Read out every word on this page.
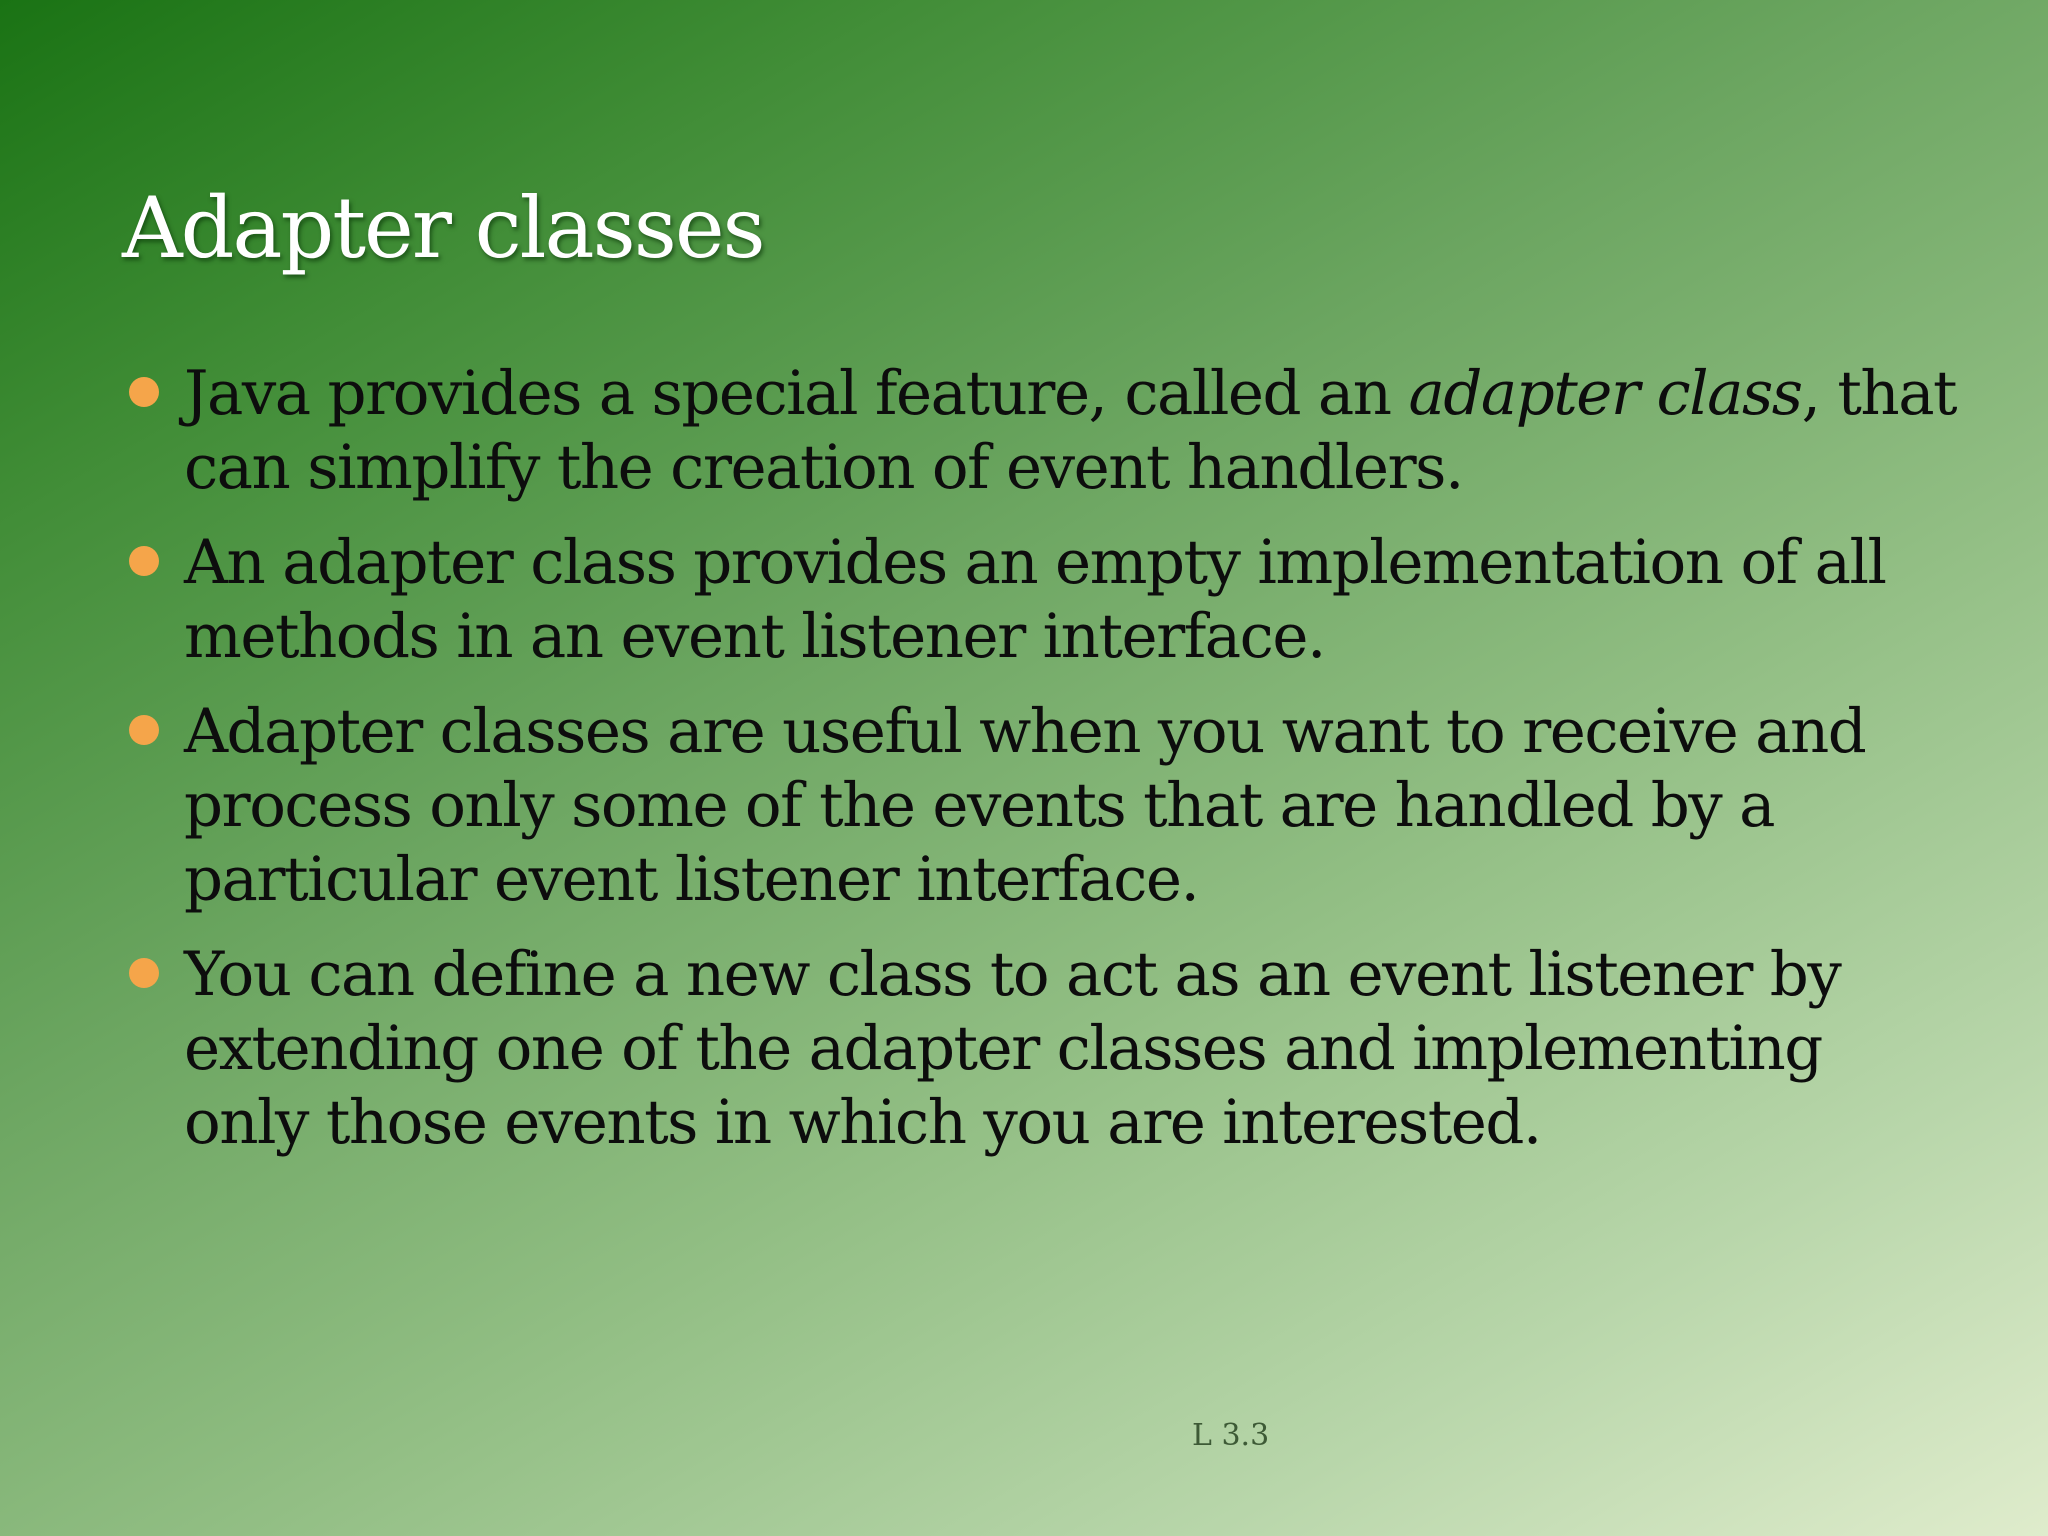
Adapter classes
Java provides a special feature, called an adapter class, that
can simplify the creation of event handlers.
An adapter class provides an empty implementation of all
methods in an event listener interface.
Adapter classes are useful when you want to receive and
process only some of the events that are handled by a
particular event listener interface.
You can define a new class to act as an event listener by
extending one of the adapter classes and implementing
only those events in which you are interested.
L 3.3
